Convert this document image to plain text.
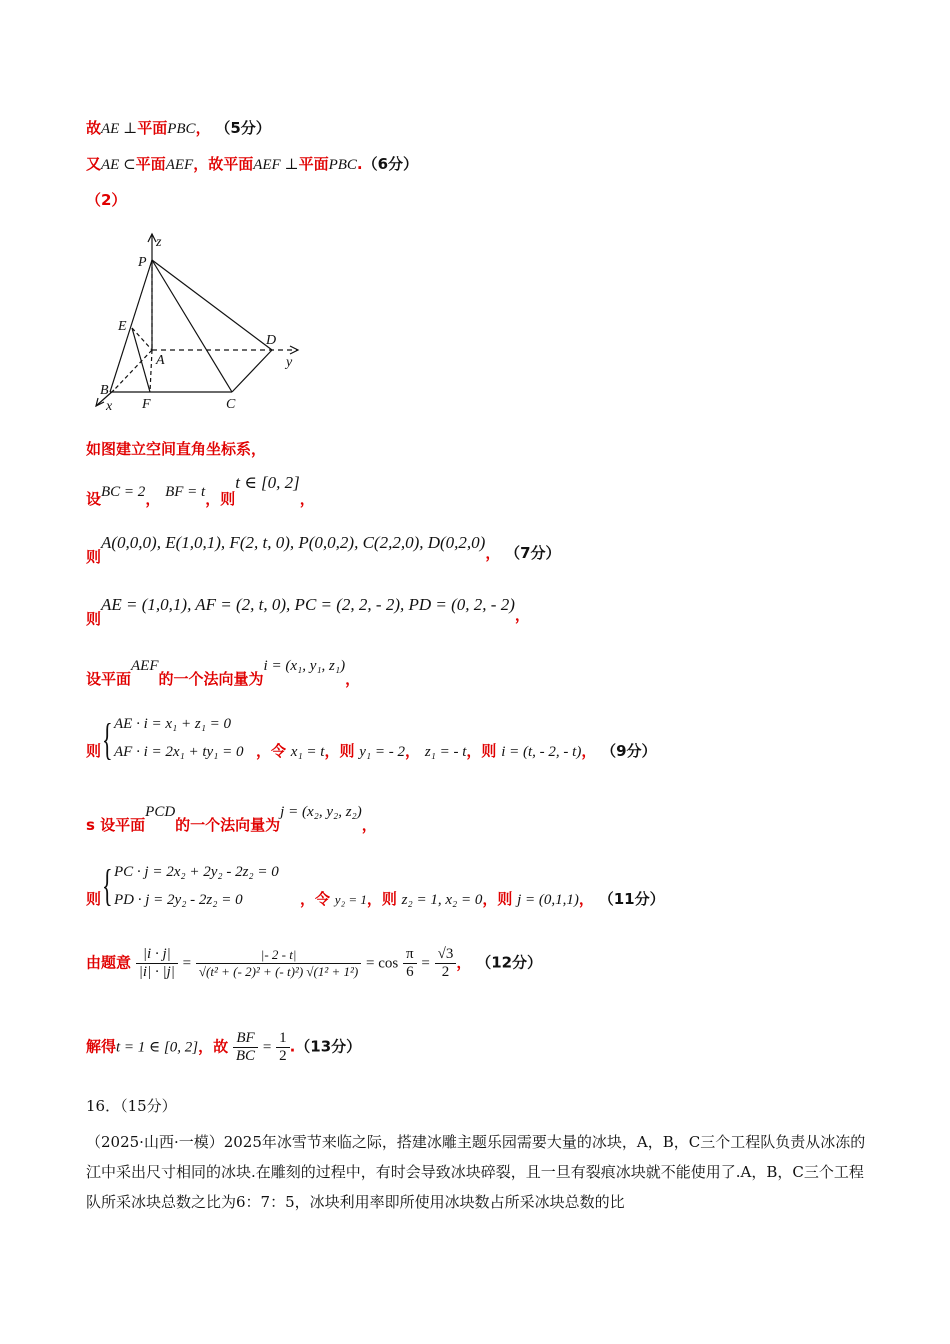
故AE ⊥平面PBC， （5分）
又AE ⊂平面AEF，故平面AEF ⊥平面PBC.（6分）
（2）
z
P
E
A
D
y
B
x F	C
如图建立空间直角坐标系，
设BC = 2， BF = t，则t ∈ [0, 2]，
则A(0,0,0), E(1,0,1), F(2, t, 0), P(0,0,2), C(2,2,0), D(0,2,0)， （7分）
则AE = (1,0,1), AF = (2, t, 0), PC = (2, 2, - 2), PD = (0, 2, - 2)，
设平面AEF的一个法向量为i = (x₁, y₁, z₁)，
则 { AE · i = x₁ + z₁ = 0
AF · i = 2x₁ + ty₁ = 0 ，令 x₁ = t，则 y₁ = - 2， z₁ = - t，则 i = (t, - 2, - t)， （9分）
s 设平面PCD的一个法向量为j = (x₂, y₂, z₂)，
则 { PC · j = 2x₂ + 2y₂ - 2z₂ = 0
PD · j = 2y₂ - 2z₂ = 0	，令 y₂ = 1，则 z₂ = 1, x₂ = 0，则 j = (0,1,1)， （11分）
由题意 $\frac{|i \cdot j|}{|i| \cdot |j|} = \frac{|- 2 - t|}{\text{√(t² + (- 2)² + (- t)²) √(1² + 1²)}} = \cos \frac{\pi}{6} = \frac{√3}{2}$ ， （12分）
解得t = 1 ∈ [0, 2]，故 $\frac{BF}{BC} = \frac{1}{2} .(13$分）
16．（15分）
（2025·山西·一模）2025年冰雪节来临之际，搭建冰雕主题乐园需要大量的冰块，A，B，C三个工程队负责从冰冻的江中采出尺寸相同的冰块.在雕刻的过程中，有时会导致冰块碎裂，且一旦有裂痕冰块就不能使用了.A，B，C三个工程队所采冰块总数之比为6：7：5，冰块利用率即所使用冰块数占所采冰块总数的比
